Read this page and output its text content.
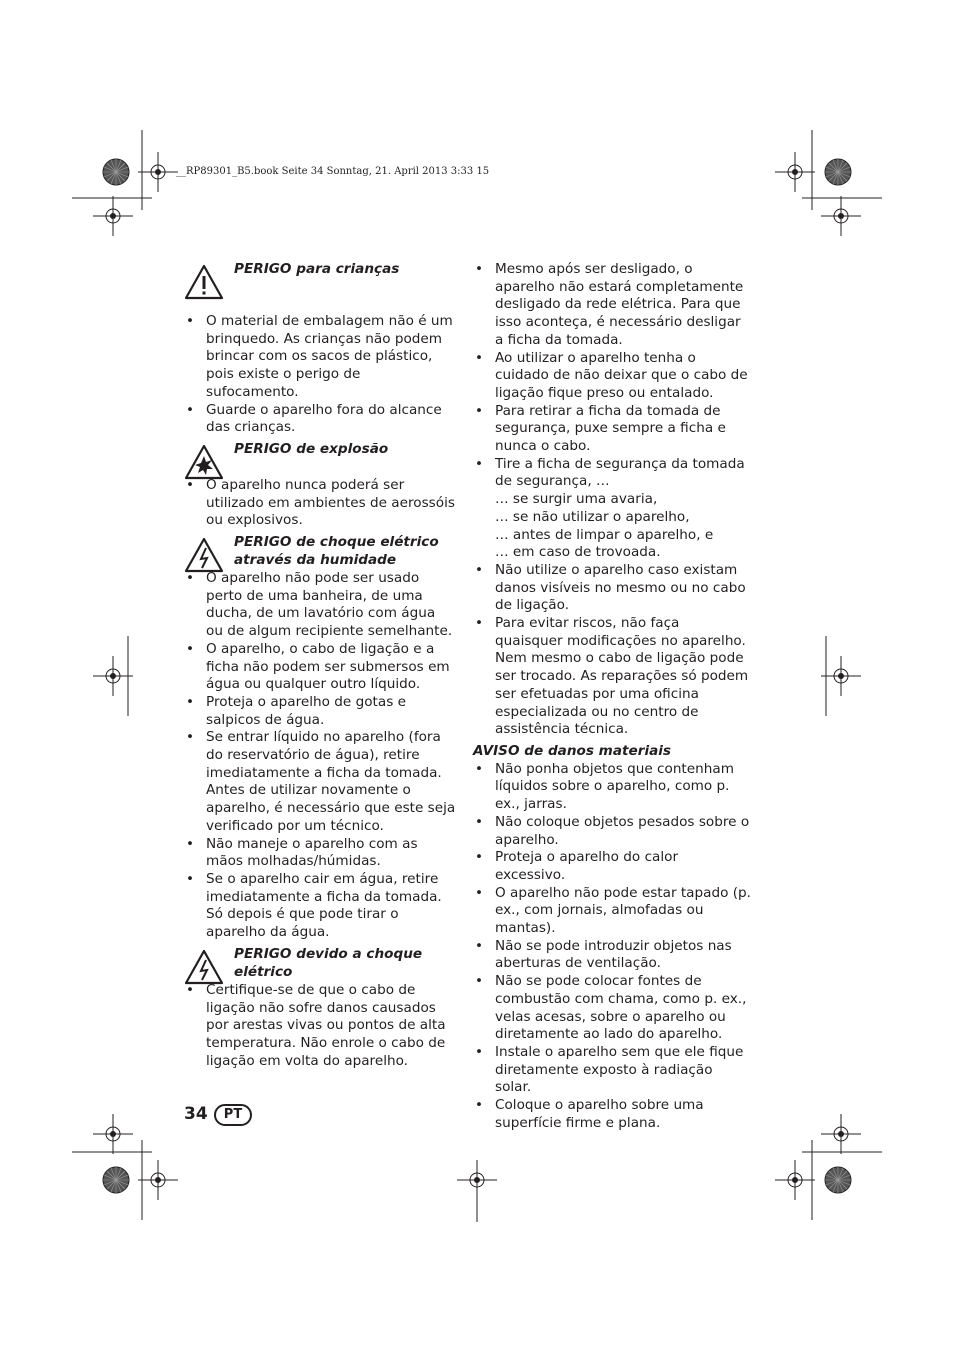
__RP89301_B5.book Seite 34 Sonntag, 21. April 2013 3:33 15
PERIGO para crianças
• O material de embalagem não é um brinquedo. As crianças não podem brincar com os sacos de plástico, pois existe o perigo de sufocamento.
• Guarde o aparelho fora do alcance das crianças.
PERIGO de explosão
• O aparelho nunca poderá ser utilizado em ambientes de aerossóis ou explosivos.
PERIGO de choque elétrico
através da humidade
• O aparelho não pode ser usado perto de uma banheira, de uma ducha, de um lavatório com água ou de algum recipiente semelhante.
• O aparelho, o cabo de ligação e a ficha não podem ser submersos em água ou qualquer outro líquido.
• Proteja o aparelho de gotas e salpicos de água.
• Se entrar líquido no aparelho (fora do reservatório de água), retire imediatamente a ficha da tomada. Antes de utilizar novamente o aparelho, é necessário que este seja verificado por um técnico.
• Não maneje o aparelho com as mãos molhadas/húmidas.
• Se o aparelho cair em água, retire imediatamente a ficha da tomada. Só depois é que pode tirar o aparelho da água.
PERIGO devido a choque
elétrico
• Certifique-se de que o cabo de ligação não sofre danos causados por arestas vivas ou pontos de alta temperatura. Não enrole o cabo de ligação em volta do aparelho.
• Mesmo após ser desligado, o aparelho não estará completamente desligado da rede elétrica. Para que isso aconteça, é necessário desligar a ficha da tomada.
• Ao utilizar o aparelho tenha o cuidado de não deixar que o cabo de ligação fique preso ou entalado.
• Para retirar a ficha da tomada de segurança, puxe sempre a ficha e nunca o cabo.
• Tire a ficha de segurança da tomada de segurança, …
… se surgir uma avaria,
… se não utilizar o aparelho,
… antes de limpar o aparelho, e
… em caso de trovoada.
• Não utilize o aparelho caso existam danos visíveis no mesmo ou no cabo de ligação.
• Para evitar riscos, não faça quaisquer modificações no aparelho. Nem mesmo o cabo de ligação pode ser trocado. As reparações só podem ser efetuadas por uma oficina especializada ou no centro de assistência técnica.
AVISO de danos materiais
• Não ponha objetos que contenham líquidos sobre o aparelho, como p. ex., jarras.
• Não coloque objetos pesados sobre o aparelho.
• Proteja o aparelho do calor excessivo.
• O aparelho não pode estar tapado (p. ex., com jornais, almofadas ou mantas).
• Não se pode introduzir objetos nas aberturas de ventilação.
• Não se pode colocar fontes de combustão com chama, como p. ex., velas acesas, sobre o aparelho ou diretamente ao lado do aparelho.
• Instale o aparelho sem que ele fique diretamente exposto à radiação solar.
• Coloque o aparelho sobre uma superfície firme e plana.
34	PT
